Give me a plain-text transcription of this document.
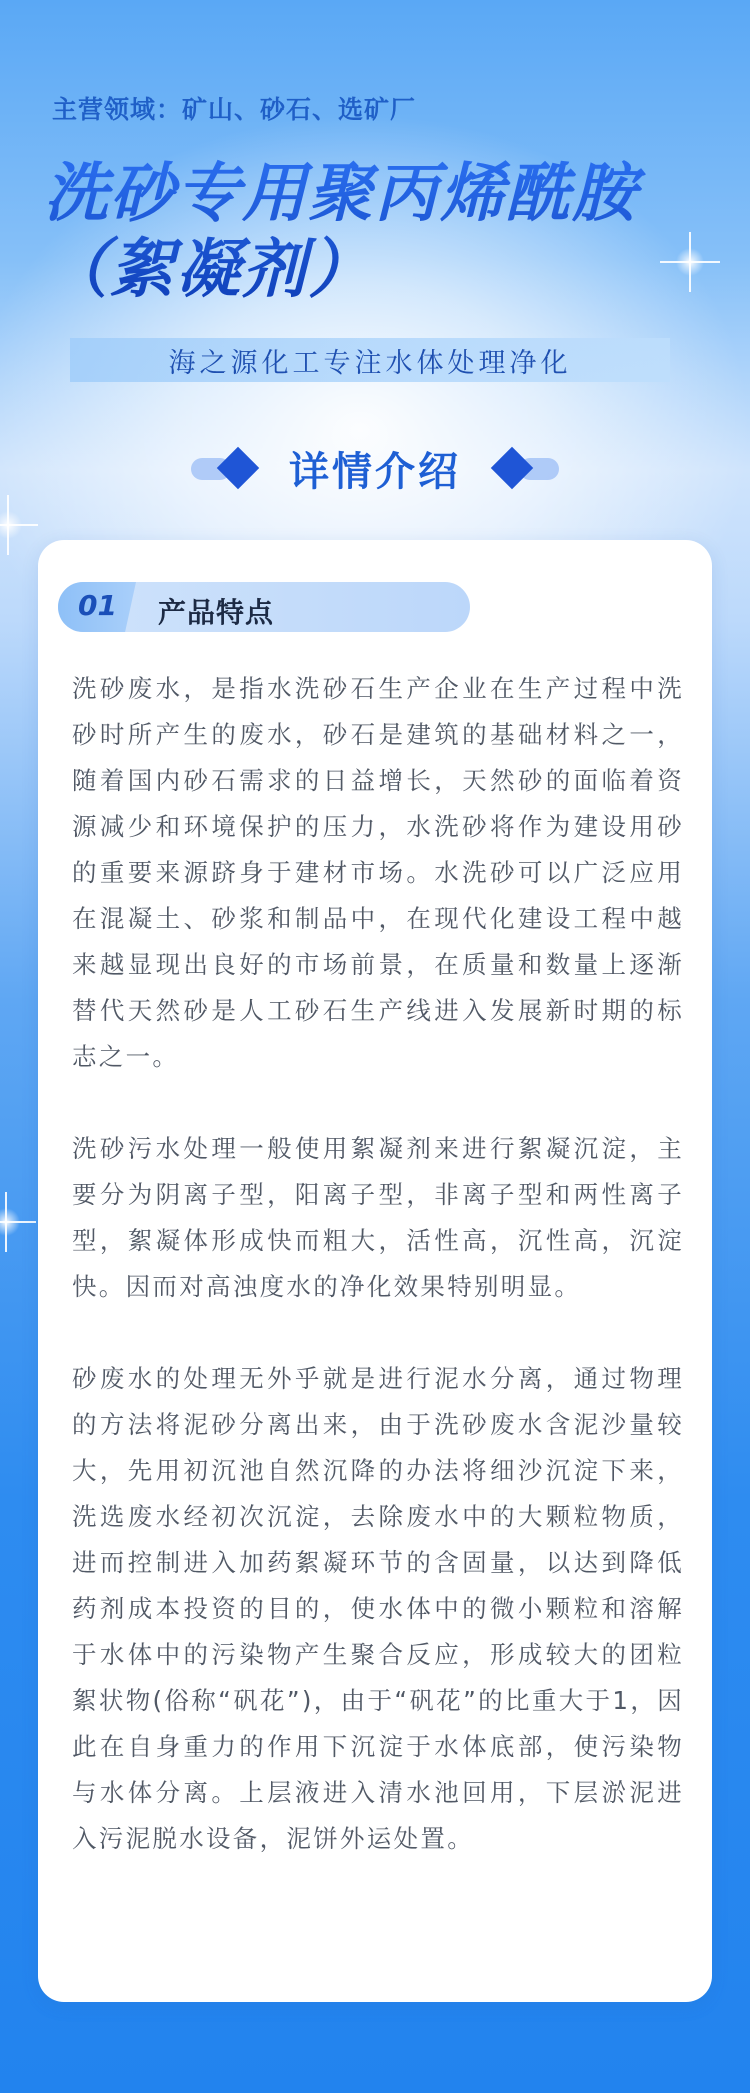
主营领域：矿山、砂石、选矿厂
洗砂专用聚丙烯酰胺（絮凝剂）
海之源化工专注水体处理净化
详情介绍
01 产品特点

洗砂废水，是指水洗砂石生产企业在生产过程中洗砂时所产生的废水，砂石是建筑的基础材料之一，随着国内砂石需求的日益增长，天然砂的面临着资源减少和环境保护的压力，水洗砂将作为建设用砂的重要来源跻身于建材市场。水洗砂可以广泛应用在混凝土、砂浆和制品中，在现代化建设工程中越来越显现出良好的市场前景，在质量和数量上逐渐替代天然砂是人工砂石生产线进入发展新时期的标志之一。

洗砂污水处理一般使用絮凝剂来进行絮凝沉淀，主要分为阴离子型，阳离子型，非离子型和两性离子型，絮凝体形成快而粗大，活性高，沉性高，沉淀快。因而对高浊度水的净化效果特别明显。

砂废水的处理无外乎就是进行泥水分离，通过物理的方法将泥砂分离出来，由于洗砂废水含泥沙量较大，先用初沉池自然沉降的办法将细沙沉淀下来，洗选废水经初次沉淀，去除废水中的大颗粒物质，进而控制进入加药絮凝环节的含固量，以达到降低药剂成本投资的目的，使水体中的微小颗粒和溶解于水体中的污染物产生聚合反应，形成较大的团粒絮状物(俗称“矾花”)，由于“矾花”的比重大于1，因此在自身重力的作用下沉淀于水体底部，使污染物与水体分离。上层液进入清水池回用，下层淤泥进入污泥脱水设备，泥饼外运处置。
